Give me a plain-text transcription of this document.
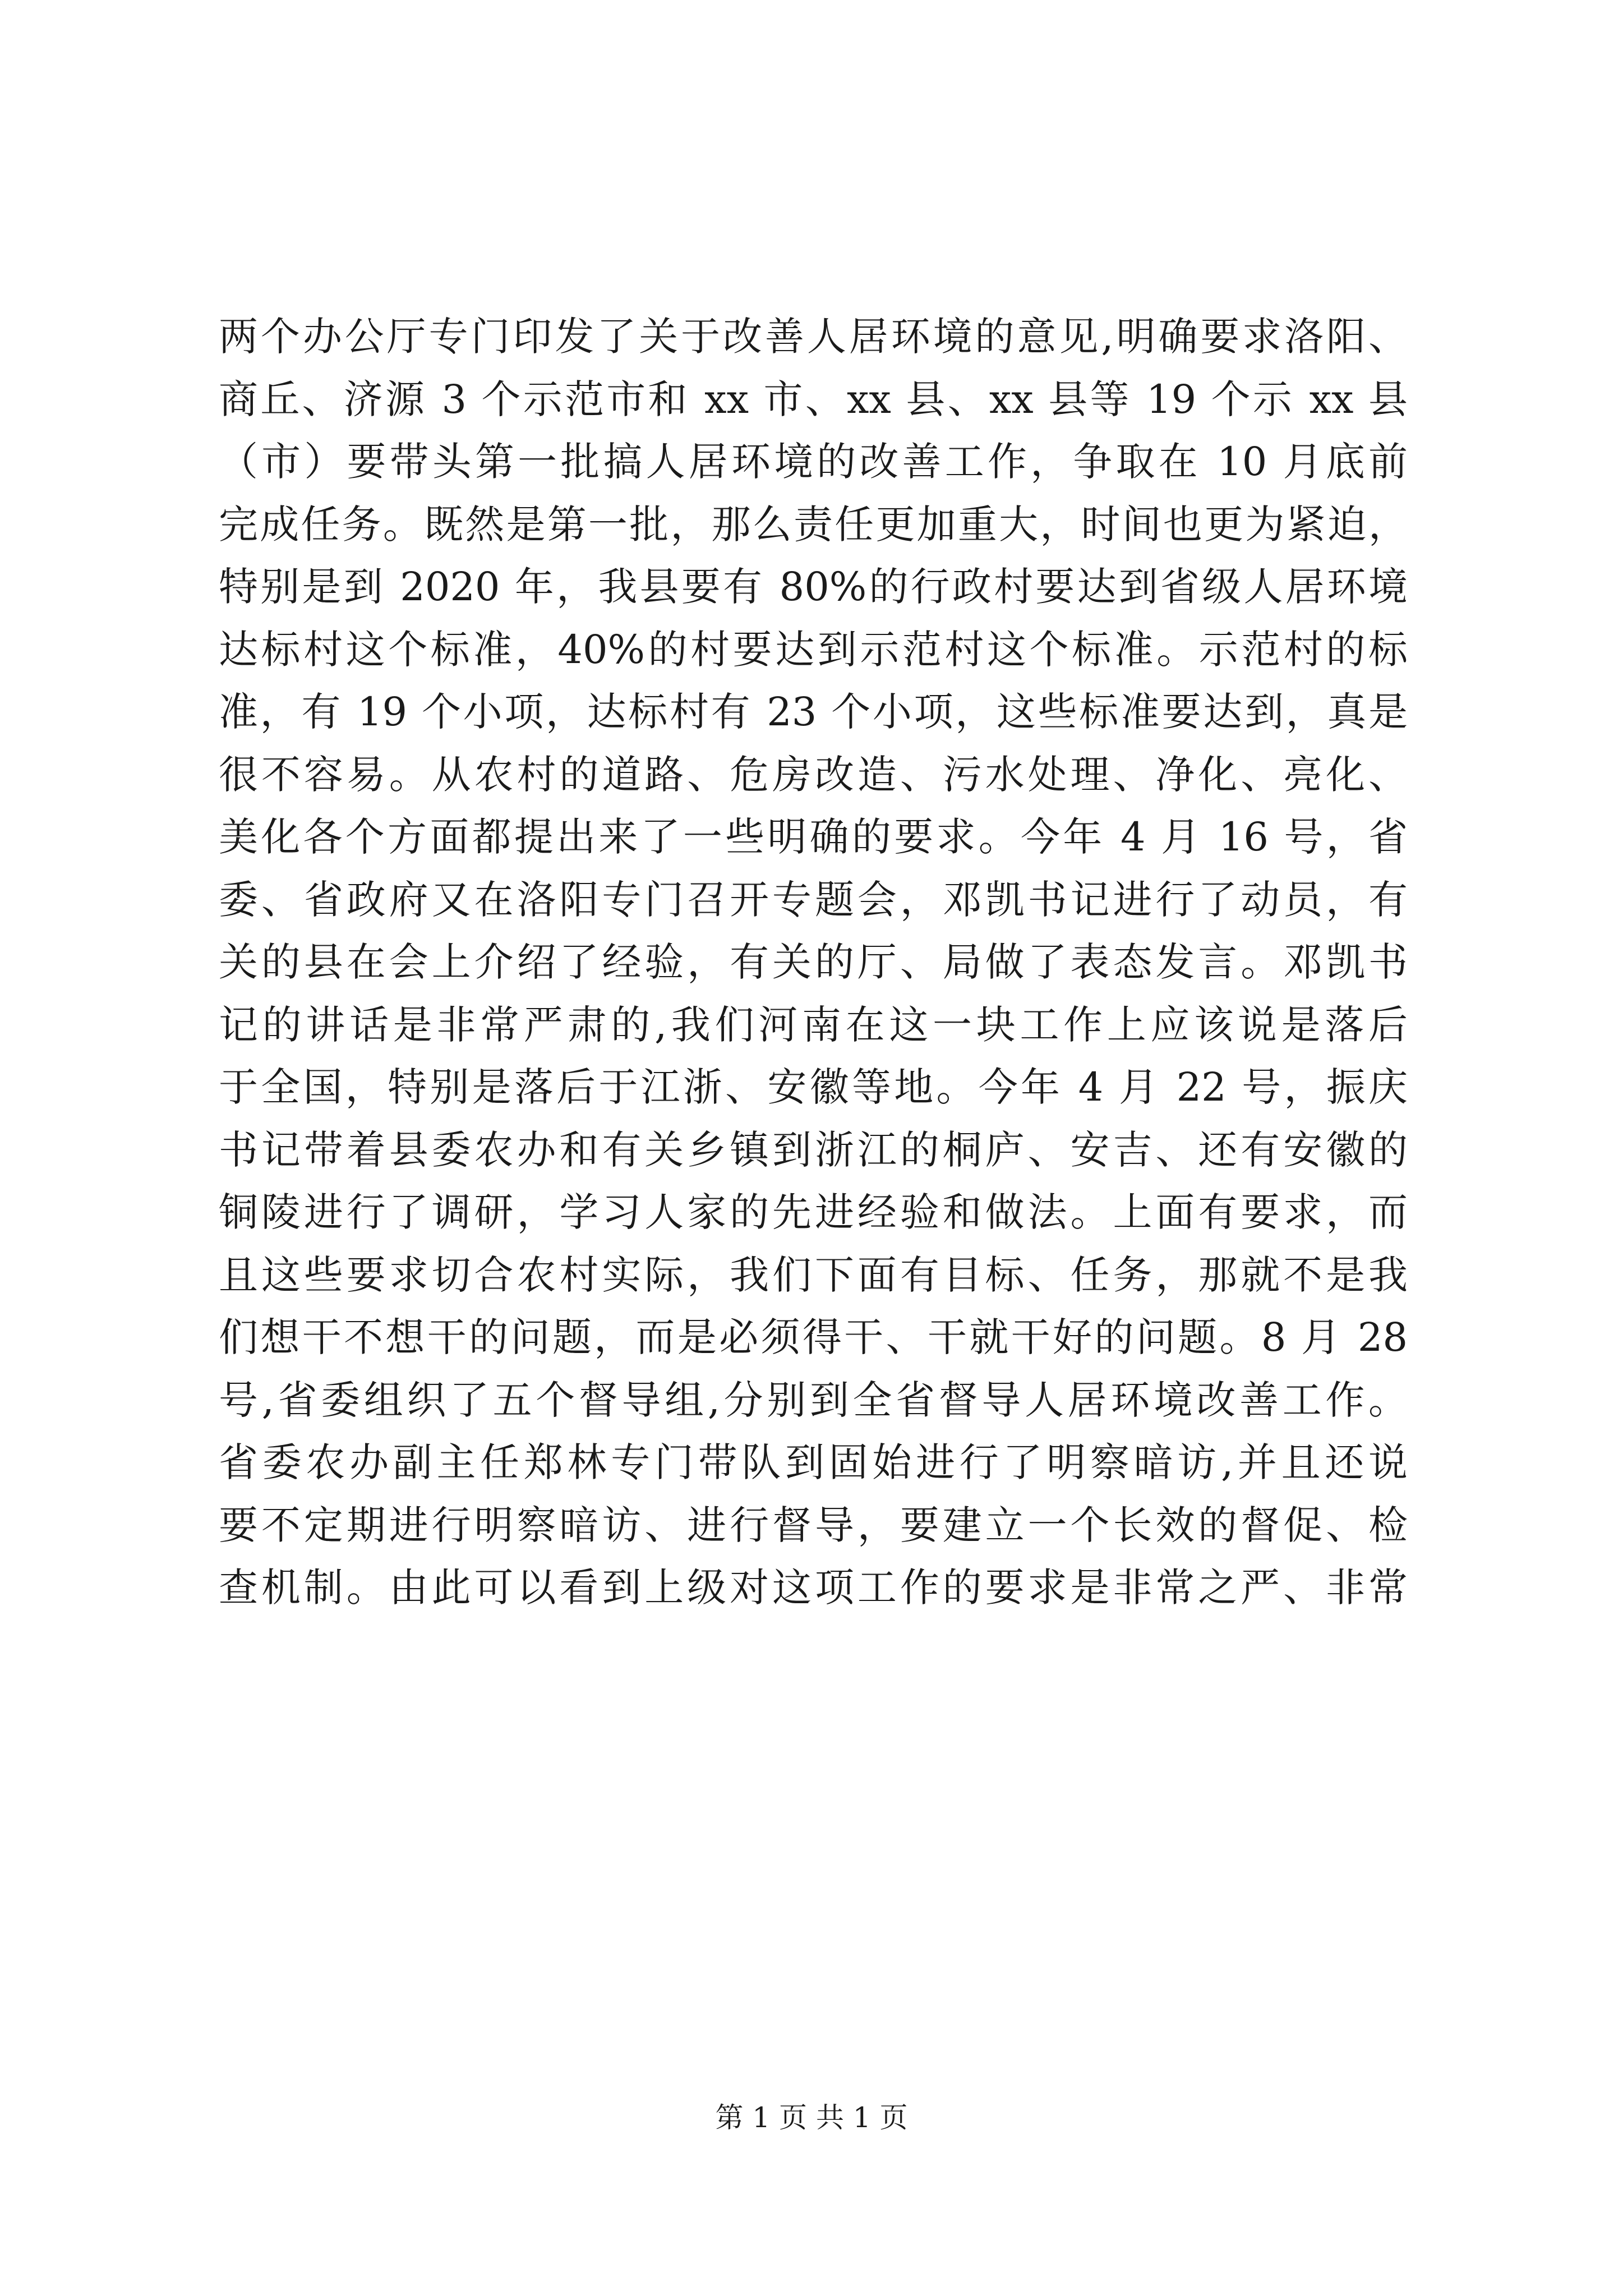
两个办公厅专门印发了关于改善人居环境的意见,明确要求洛阳、
商丘、济源 3 个示范市和 xx 市、xx 县、xx 县等 19 个示 xx 县
（市）要带头第一批搞人居环境的改善工作，争取在 10 月底前
完成任务。既然是第一批，那么责任更加重大，时间也更为紧迫，
特别是到 2020 年，我县要有 80%的行政村要达到省级人居环境
达标村这个标准，40%的村要达到示范村这个标准。示范村的标
准，有 19 个小项，达标村有 23 个小项，这些标准要达到，真是
很不容易。从农村的道路、危房改造、污水处理、净化、亮化、
美化各个方面都提出来了一些明确的要求。今年 4 月 16 号，省
委、省政府又在洛阳专门召开专题会，邓凯书记进行了动员，有
关的县在会上介绍了经验，有关的厅、局做了表态发言。邓凯书
记的讲话是非常严肃的,我们河南在这一块工作上应该说是落后
于全国，特别是落后于江浙、安徽等地。今年 4 月 22 号，振庆
书记带着县委农办和有关乡镇到浙江的桐庐、安吉、还有安徽的
铜陵进行了调研，学习人家的先进经验和做法。上面有要求，而
且这些要求切合农村实际，我们下面有目标、任务，那就不是我
们想干不想干的问题，而是必须得干、干就干好的问题。8 月 28
号,省委组织了五个督导组,分别到全省督导人居环境改善工作。
省委农办副主任郑林专门带队到固始进行了明察暗访,并且还说
要不定期进行明察暗访、进行督导，要建立一个长效的督促、检
查机制。由此可以看到上级对这项工作的要求是非常之严、非常
第 1 页 共 1 页
